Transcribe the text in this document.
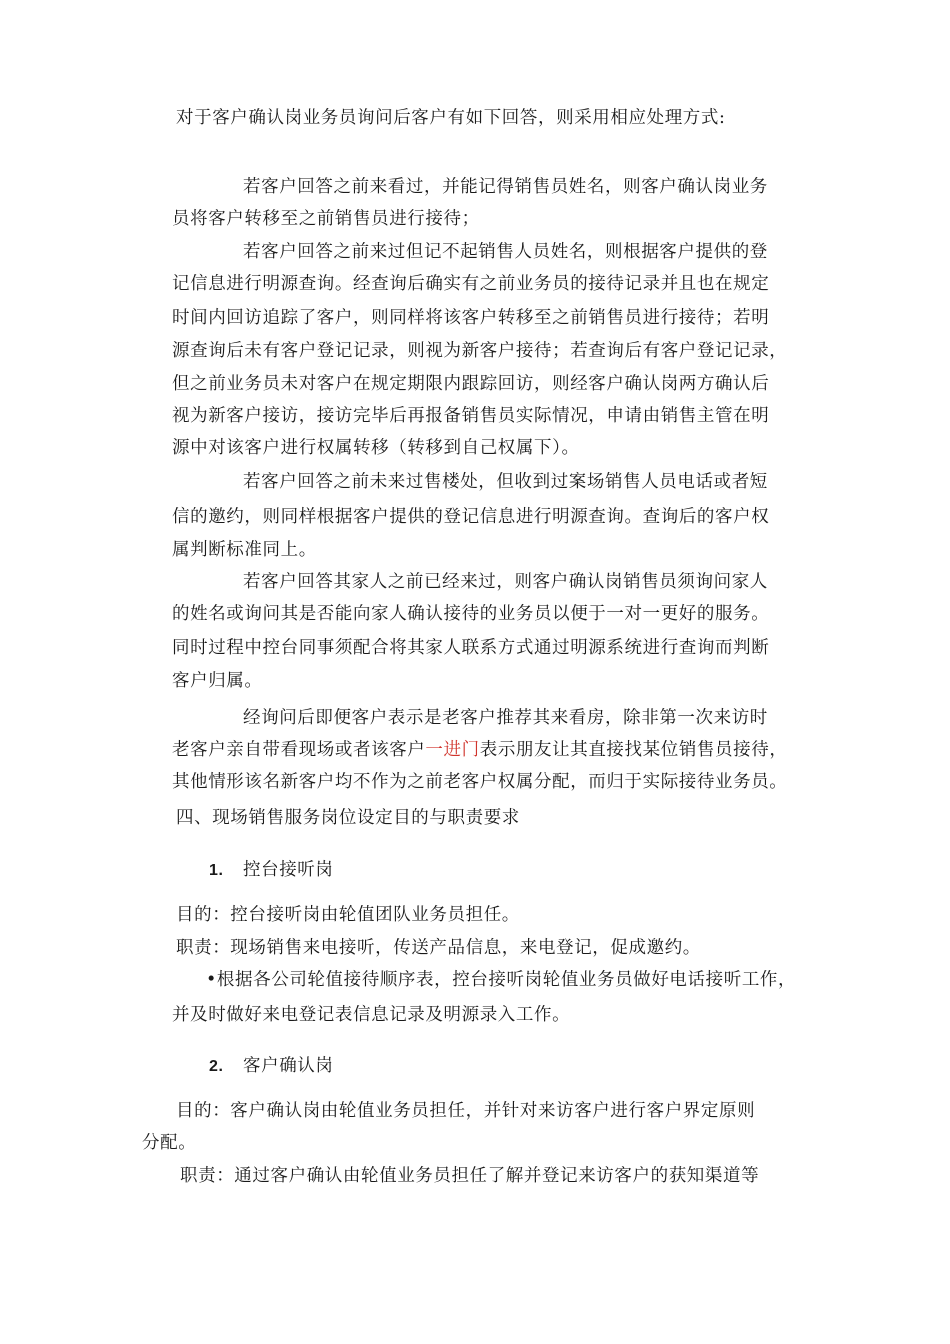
对于客户确认岗业务员询问后客户有如下回答，则采用相应处理方式:
若客户回答之前来看过，并能记得销售员姓名，则客户确认岗业务
员将客户转移至之前销售员进行接待；
若客户回答之前来过但记不起销售人员姓名，则根据客户提供的登
记信息进行明源查询。经查询后确实有之前业务员的接待记录并且也在规定
时间内回访追踪了客户，则同样将该客户转移至之前销售员进行接待；若明
源查询后未有客户登记记录，则视为新客户接待；若查询后有客户登记记录，
但之前业务员未对客户在规定期限内跟踪回访，则经客户确认岗两方确认后
视为新客户接访，接访完毕后再报备销售员实际情况，申请由销售主管在明
源中对该客户进行权属转移（转移到自己权属下）。
若客户回答之前未来过售楼处，但收到过案场销售人员电话或者短
信的邀约，则同样根据客户提供的登记信息进行明源查询。查询后的客户权
属判断标准同上。
若客户回答其家人之前已经来过，则客户确认岗销售员须询问家人
的姓名或询问其是否能向家人确认接待的业务员以便于一对一更好的服务。
同时过程中控台同事须配合将其家人联系方式通过明源系统进行查询而判断
客户归属。
经询问后即便客户表示是老客户推荐其来看房，除非第一次来访时
老客户亲自带看现场或者该客户一进门表示朋友让其直接找某位销售员接待，
其他情形该名新客户均不作为之前老客户权属分配，而归于实际接待业务员。
四、现场销售服务岗位设定目的与职责要求
1. 控台接听岗
目的：控台接听岗由轮值团队业务员担任。
职责：现场销售来电接听，传送产品信息，来电登记，促成邀约。
•根据各公司轮值接待顺序表，控台接听岗轮值业务员做好电话接听工作，
并及时做好来电登记表信息记录及明源录入工作。
2. 客户确认岗
目的：客户确认岗由轮值业务员担任，并针对来访客户进行客户界定原则
分配。
职责：通过客户确认由轮值业务员担任了解并登记来访客户的获知渠道等
